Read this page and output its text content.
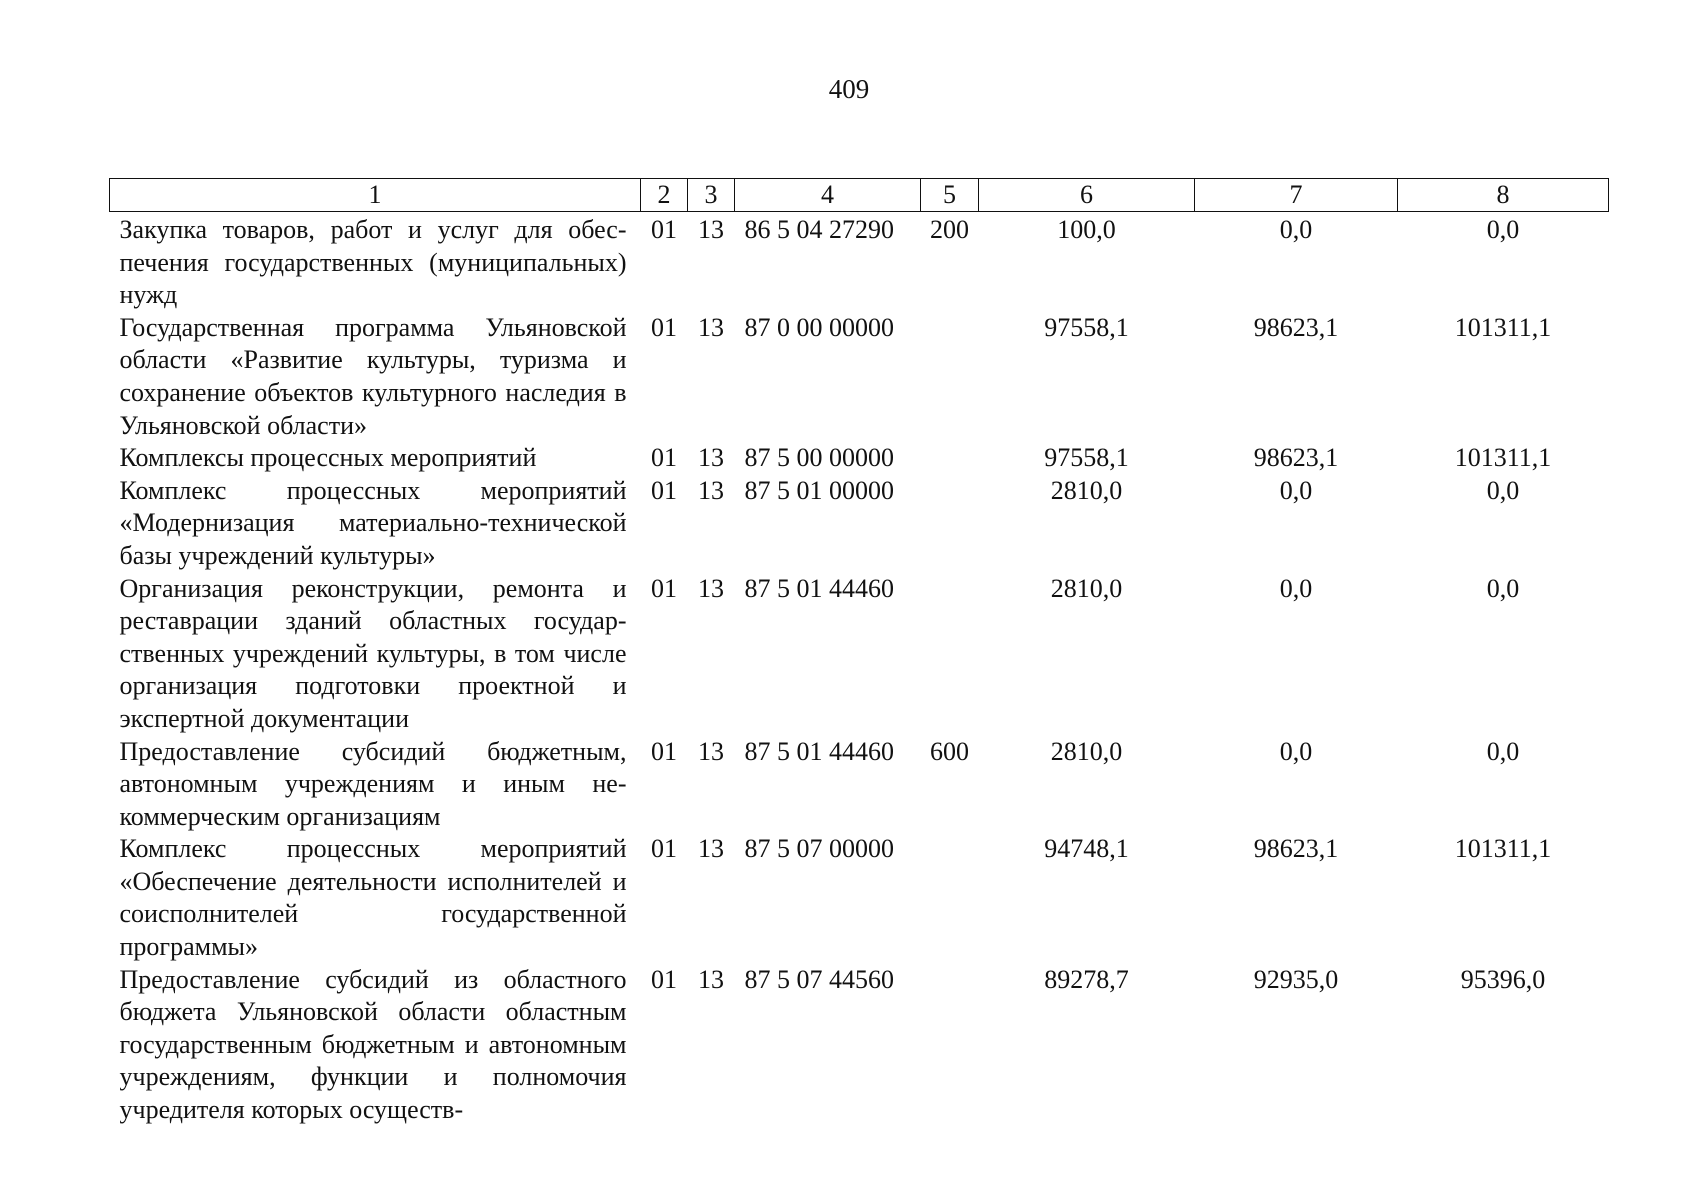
409
1	2	3	4	5	6	7	8
Закупка товаров, работ и услуг для обеспечения государственных (муниципальных) нужд	01	13	86 5 04 27290	200	100,0	0,0	0,0
Государственная программа Ульяновской области «Развитие культуры, туризма и сохранение объектов культурного наследия в Ульяновской области»	01	13	87 0 00 00000		97558,1	98623,1	101311,1
Комплексы процессных мероприятий	01	13	87 5 00 00000		97558,1	98623,1	101311,1
Комплекс процессных мероприятий «Модернизация материально-технической базы учреждений культуры»	01	13	87 5 01 00000		2810,0	0,0	0,0
Организация реконструкции, ремонта и реставрации зданий областных государственных учреждений культуры, в том числе организация подготовки проектной и экспертной документации	01	13	87 5 01 44460		2810,0	0,0	0,0
Предоставление субсидий бюджетным, автономным учреждениям и иным некоммерческим организациям	01	13	87 5 01 44460	600	2810,0	0,0	0,0
Комплекс процессных мероприятий «Обеспечение деятельности исполнителей и соисполнителей государственной программы»	01	13	87 5 07 00000		94748,1	98623,1	101311,1
Предоставление субсидий из областного бюджета Ульяновской области областным государственным бюджетным и автономным учреждениям, функции и полномочия учредителя которых осуществ-	01	13	87 5 07 44560		89278,7	92935,0	95396,0
